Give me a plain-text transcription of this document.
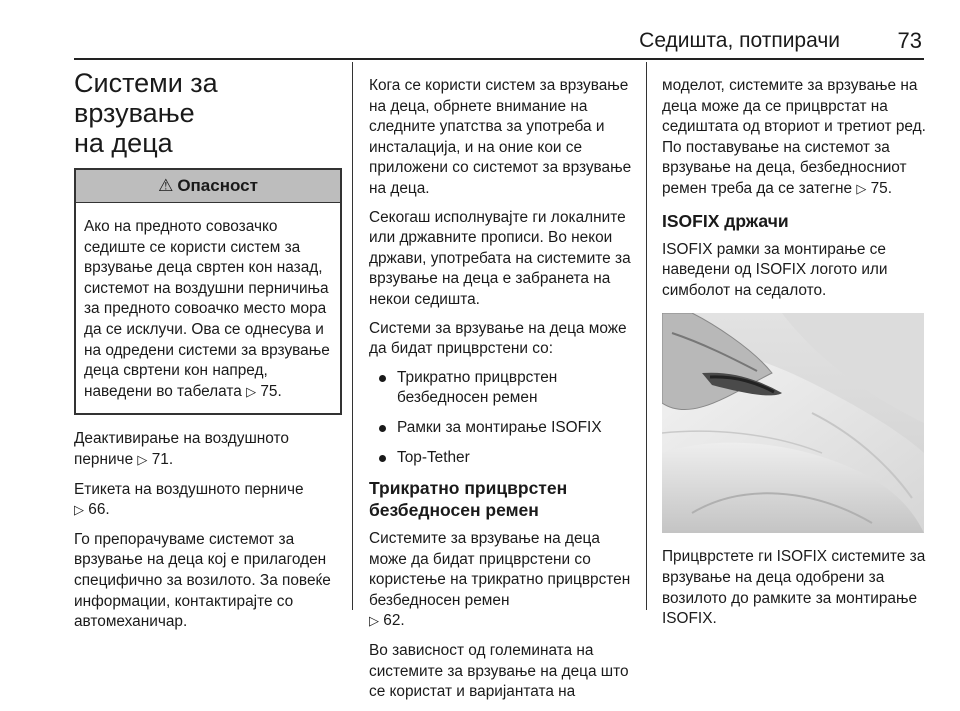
Седишта, потпирачи	73
Системи за врзување
на деца
⚠ Опасност
Ако на предното совозачко седиште се користи систем за врзување деца свртен кон назад, системот на воздушни перничиња за предното совоачко место мора да се исклучи. Ова се однесува и на одредени системи за врзување деца свртени кон напред, наведени во табелата ▷ 75.

Деактивирање на воздушното перниче ▷ 71.

Етикета на воздушното перниче
▷ 66.

Го препорачуваме системот за врзување на деца кој е прилагоден специфично за возилото. За повеќе информации, контактирајте со автомеханичар.

Кога се користи систем за врзување на деца, обрнете внимание на следните упатства за употреба и инсталација, и на оние кои се приложени со системот за врзување на деца.

Секогаш исполнувајте ги локалните или државните прописи. Во некои држави, употребата на системите за врзување на деца е забранета на некои седишта.

Системи за врзување на деца може да бидат прицврстени со:

Трикратно прицврстен безбедносен ремен
Рамки за монтирање ISOFIX
Top-Tether
Трикратно прицврстен безбедносен ремен

Системите за врзување на деца може да бидат прицврстени со користење на трикратно прицврстен безбедносен ремен
▷ 62.

Во зависност од големината на системите за врзување на деца што се користат и варијантата на

моделот, системите за врзување на деца може да се прицврстат на седиштата од вториот и третиот ред. По поставување на системот за врзување на деца, безбедносниот ремен треба да се затегне ▷ 75.

ISOFIX држачи

ISOFIX рамки за монтирање се наведени од ISOFIX логото или симболот на седалото.

Прицврстете ги ISOFIX системите за врзување на деца одобрени за возилото до рамките за монтирање ISOFIX.
